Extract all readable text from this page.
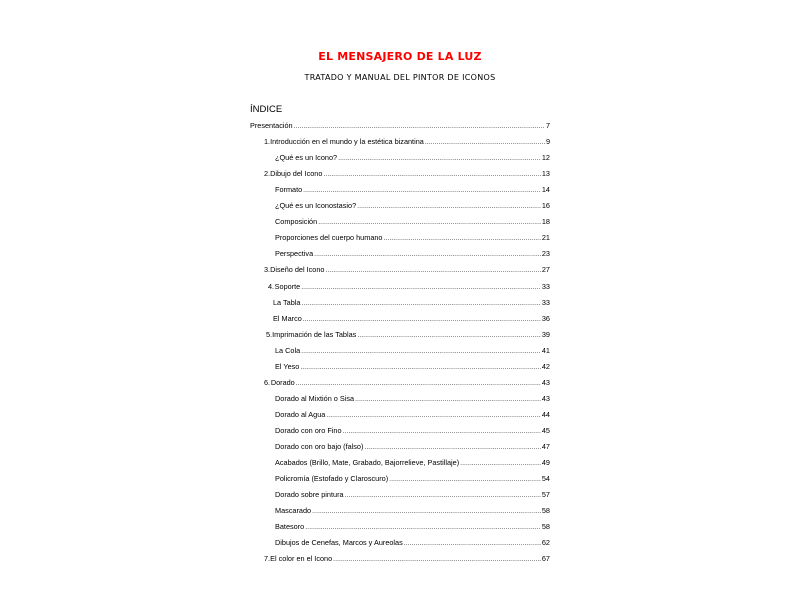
EL MENSAJERO DE LA LUZ
TRATADO Y MANUAL DEL PINTOR DE ICONOS
ÍNDICE
Presentación .....	7
1. Introducción en el mundo y la estética bizantina .....	9
¿Qué es un Icono? .....	12
2. Dibujo del Icono .....	13
Formato .....	14
¿Qué es un Iconostasio? .....	16
Composición .....	18
Proporciones del cuerpo humano .....	21
Perspectiva .....	23
3. Diseño del Icono .....	27
4. Soporte .....	33
La Tabla .....	33
El Marco .....	36
5. Imprimación de las Tablas .....	39
La Cola .....	41
El Yeso .....	42
6. Dorado .....	43
Dorado al Mixtión o Sisa .....	43
Dorado al Agua .....	44
Dorado con oro Fino .....	45
Dorado con oro bajo (falso) .....	47
Acabados (Brillo, Mate, Grabado, Bajorrelieve, Pastillaje) .....	49
Policromía (Estofado y Claroscuro) .....	54
Dorado sobre pintura .....	57
Mascarado .....	58
Batesoro .....	58
Dibujos de Cenefas, Marcos y Aureolas .....	62
7. El color en el Icono .....	67
